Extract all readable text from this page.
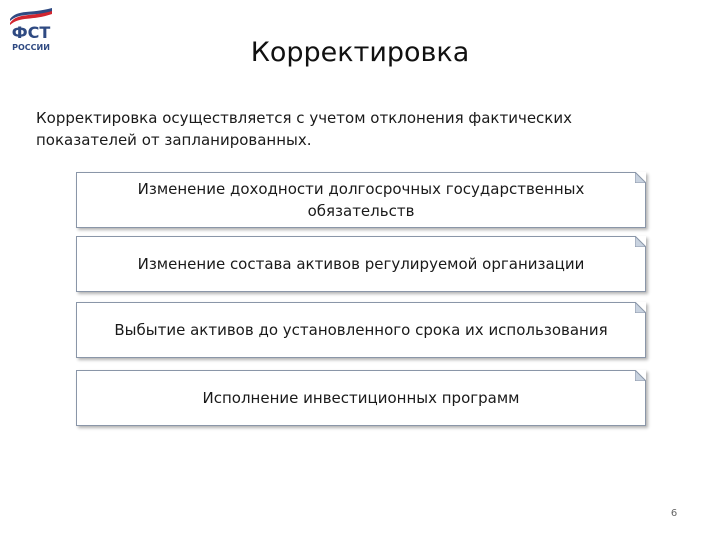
ФСТ
РОССИИ	Корректировка
Корректировка осуществляется с учетом отклонения фактических показателей от запланированных.
Изменение доходности долгосрочных государственных обязательств
Изменение состава активов регулируемой организации
Выбытие активов до установленного срока их использования
Исполнение инвестиционных программ
6
